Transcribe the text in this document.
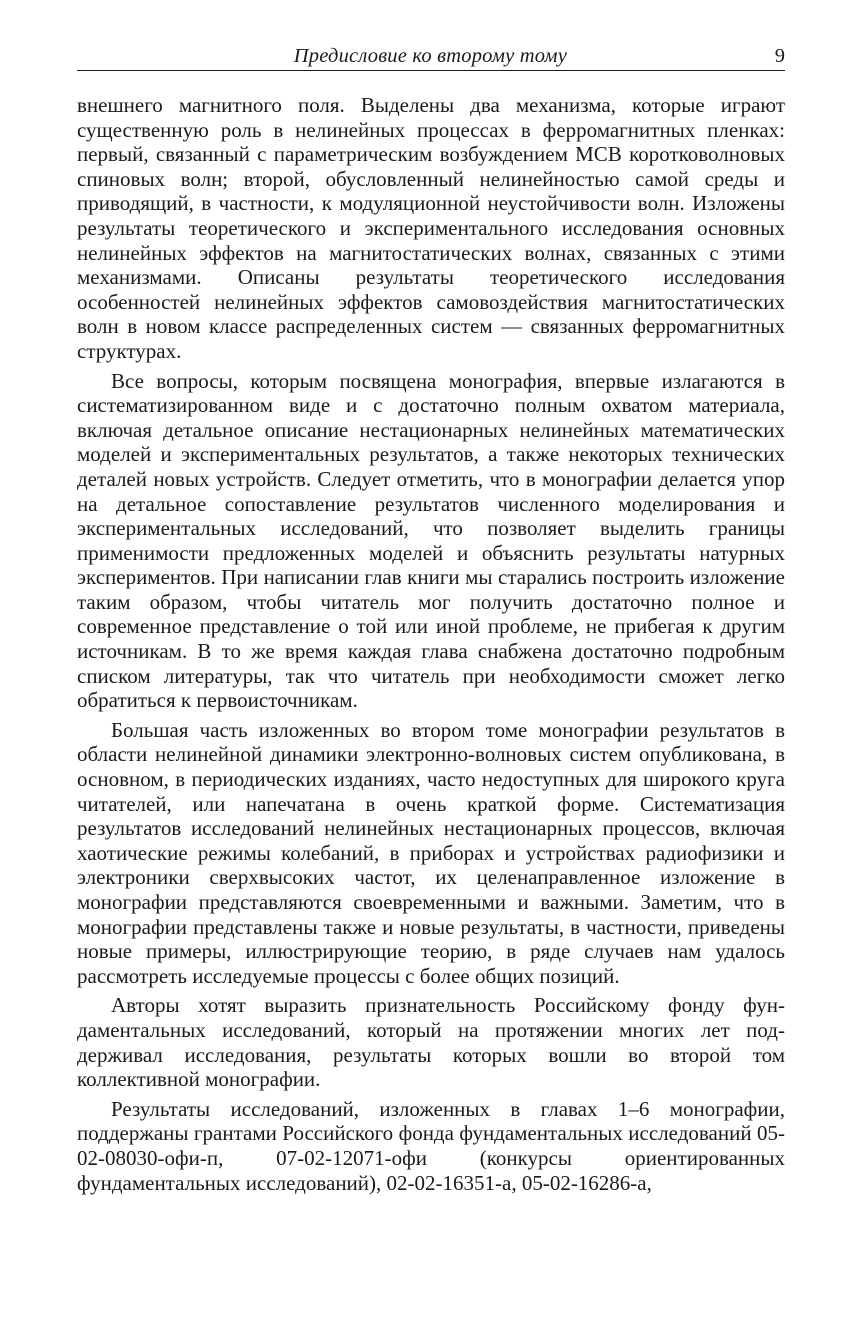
Предисловие ко второму тому	9

внешнего магнитного поля. Выделены два механизма, которые играют существенную роль в нелинейных процессах в ферромагнитных пленках: первый, связанный с параметрическим возбуждением МСВ коротковолновых спиновых волн; второй, обусловленный нелинейностью самой среды и приводящий, в частности, к модуляционной неустойчивости волн. Изложены результаты теоретического и экспериментального исследования основных нелинейных эффектов на магнитостатических волнах, связанных с этими механизмами. Описаны результаты теоретического исследования особенностей нелинейных эффектов самовоздействия магнитостатических волн в новом классе распределенных систем — связанных ферромагнитных структурах.

Все вопросы, которым посвящена монография, впервые излагаются в систематизированном виде и с достаточно полным охватом материала, включая детальное описание нестационарных нелинейных математических моделей и экспериментальных результатов, а также некоторых технических деталей новых устройств. Следует отметить, что в монографии делается упор на детальное сопоставление результатов численного моделирования и экспериментальных исследований, что позволяет выделить границы применимости предложенных моделей и объяснить результаты натурных экспериментов. При написании глав книги мы старались построить изложение таким образом, чтобы читатель мог получить достаточно полное и современное представление о той или иной проблеме, не прибегая к другим источникам. В то же время каждая глава снабжена достаточно подробным списком литературы, так что читатель при необходимости сможет легко обратиться к первоисточникам.

Большая часть изложенных во втором томе монографии результатов в области нелинейной динамики электронно-волновых систем опубликована, в основном, в периодических изданиях, часто недоступных для широкого круга читателей, или напечатана в очень краткой форме. Систематизация результатов исследований нелинейных нестационарных процессов, включая хаотические режимы колебаний, в приборах и устройствах радиофизики и электроники сверхвысоких частот, их целенаправленное изложение в монографии представляются своевременными и важными. Заметим, что в монографии представлены также и новые результаты, в частности, приведены новые примеры, иллюстрирующие теорию, в ряде случаев нам удалось рассмотреть исследуемые процессы с более общих позиций.

Авторы хотят выразить признательность Российскому фонду фундаментальных исследований, который на протяжении многих лет поддерживал исследования, результаты которых вошли во второй том коллективной монографии.

Результаты исследований, изложенных в главах 1–6 монографии, поддержаны грантами Российского фонда фундаментальных исследований 05-02-08030-офи-п, 07-02-12071-офи (конкурсы ориентированных фундаментальных исследований), 02-02-16351-а, 05-02-16286-а,
